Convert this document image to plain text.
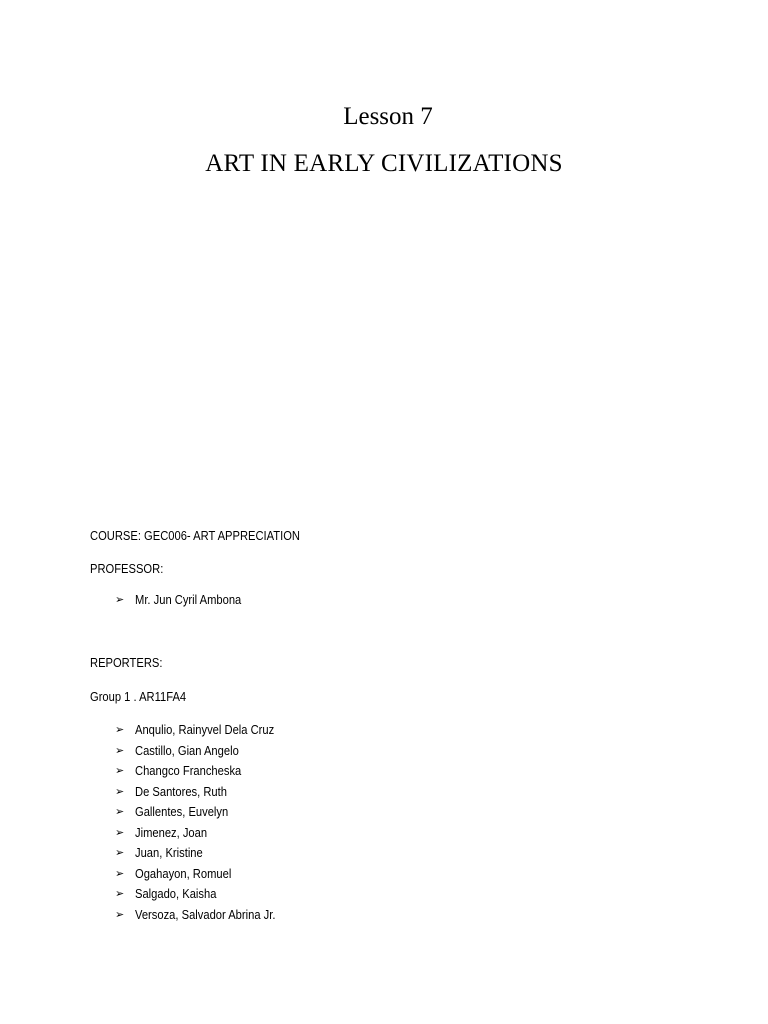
Lesson 7
ART IN EARLY CIVILIZATIONS
COURSE: GEC006- ART APPRECIATION
PROFESSOR:
➢ Mr. Jun Cyril Ambona
REPORTERS:
Group 1 . AR11FA4
➢ Anqulio, Rainyvel Dela Cruz
➢ Castillo, Gian Angelo
➢ Changco Francheska
➢ De Santores, Ruth
➢ Gallentes, Euvelyn
➢ Jimenez, Joan
➢ Juan, Kristine
➢ Ogahayon, Romuel
➢ Salgado, Kaisha
➢ Versoza, Salvador Abrina Jr.
